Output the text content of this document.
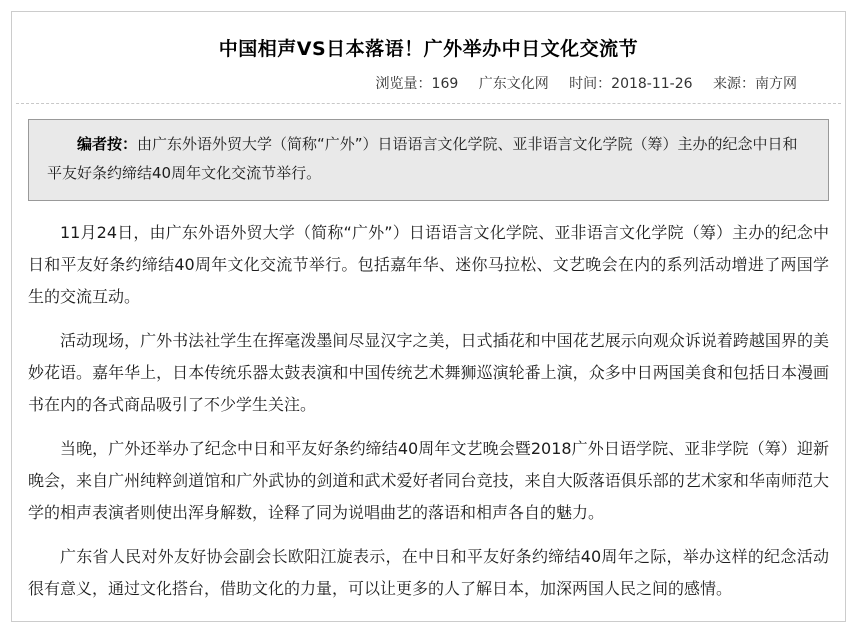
中国相声VS日本落语！广外举办中日文化交流节
浏览量：169 广东文化网 时间：2018-11-26 来源：南方网

编者按：由广东外语外贸大学（简称“广外”）日语语言文化学院、亚非语言文化学院（筹）主办的纪念中日和平友好条约缔结40周年文化交流节举行。

11月24日，由广东外语外贸大学（简称“广外”）日语语言文化学院、亚非语言文化学院（筹）主办的纪念中日和平友好条约缔结40周年文化交流节举行。包括嘉年华、迷你马拉松、文艺晚会在内的系列活动增进了两国学生的交流互动。

活动现场，广外书法社学生在挥毫泼墨间尽显汉字之美，日式插花和中国花艺展示向观众诉说着跨越国界的美妙花语。嘉年华上，日本传统乐器太鼓表演和中国传统艺术舞狮巡演轮番上演，众多中日两国美食和包括日本漫画书在内的各式商品吸引了不少学生关注。

当晚，广外还举办了纪念中日和平友好条约缔结40周年文艺晚会暨2018广外日语学院、亚非学院（筹）迎新晚会，来自广州纯粹剑道馆和广外武协的剑道和武术爱好者同台竞技，来自大阪落语俱乐部的艺术家和华南师范大学的相声表演者则使出浑身解数，诠释了同为说唱曲艺的落语和相声各自的魅力。

广东省人民对外友好协会副会长欧阳江旋表示，在中日和平友好条约缔结40周年之际，举办这样的纪念活动很有意义，通过文化搭台，借助文化的力量，可以让更多的人了解日本，加深两国人民之间的感情。
